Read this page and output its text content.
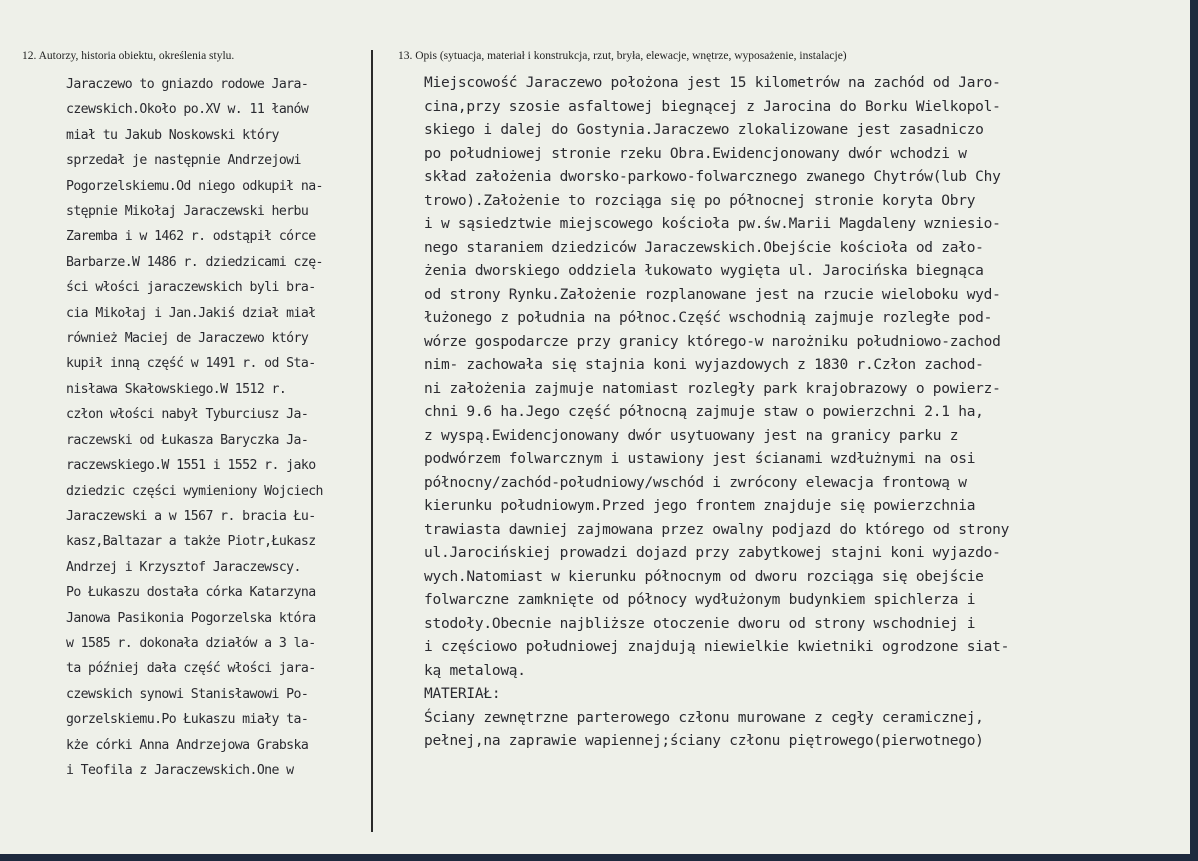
12. Autorzy, historia obiektu, określenia stylu.	13. Opis (sytuacja, materiał i konstrukcja, rzut, bryła, elewacje, wnętrze, wyposażenie, instalacje)
Jaraczewo to gniazdo rodowe Jara-
czewskich.Około po.XV w. 11 łanów
miał tu Jakub Noskowski który
sprzedał je następnie Andrzejowi
Pogorzelskiemu.Od niego odkupił na-
stępnie Mikołaj Jaraczewski herbu
Zaremba i w 1462 r. odstąpił córce
Barbarze.W 1486 r. dziedzicami czę-
ści włości jaraczewskich byli bra-
cia Mikołaj i Jan.Jakiś dział miał
również Maciej de Jaraczewo który
kupił inną część w 1491 r. od Sta-
nisława Skałowskiego.W 1512 r.
człon włości nabył Tyburciusz Ja-
raczewski od Łukasza Baryczka Ja-
raczewskiego.W 1551 i 1552 r. jako
dziedzic części wymieniony Wojciech
Jaraczewski a w 1567 r. bracia Łu-
kasz,Baltazar a także Piotr,Łukasz
Andrzej i Krzysztof Jaraczewscy.
Po Łukaszu dostała córka Katarzyna
Janowa Pasikonia Pogorzelska która
w 1585 r. dokonała działów a 3 la-
ta później dała część włości jara-
czewskich synowi Stanisławowi Po-
gorzelskiemu.Po Łukaszu miały ta-
kże córki Anna Andrzejowa Grabska
i Teofila z Jaraczewskich.One w
Miejscowość Jaraczewo położona jest 15 kilometrów na zachód od Jaro-
cina,przy szosie asfaltowej biegnącej z Jarocina do Borku Wielkopol-
skiego i dalej do Gostynia.Jaraczewo zlokalizowane jest zasadniczo
po południowej stronie rzeku Obra.Ewidencjonowany dwór wchodzi w
skład założenia dworsko-parkowo-folwarcznego zwanego Chytrów(lub Chy
trowo).Założenie to rozciąga się po północnej stronie koryta Obry
i w sąsiedztwie miejscowego kościoła pw.św.Marii Magdaleny wzniesio-
nego staraniem dziedziców Jaraczewskich.Obejście kościoła od zało-
żenia dworskiego oddziela łukowato wygięta ul. Jarocińska biegnąca
od strony Rynku.Założenie rozplanowane jest na rzucie wieloboku wyd-
łużonego z południa na północ.Część wschodnią zajmuje rozległe pod-
wórze gospodarcze przy granicy którego-w narożniku południowo-zachod
nim- zachowała się stajnia koni wyjazdowych z 1830 r.Człon zachod-
ni założenia zajmuje natomiast rozległy park krajobrazowy o powierz-
chni 9.6 ha.Jego część północną zajmuje staw o powierzchni 2.1 ha,
z wyspą.Ewidencjonowany dwór usytuowany jest na granicy parku z
podwórzem folwarcznym i ustawiony jest ścianami wzdłużnymi na osi
północny/zachód-południowy/wschód i zwrócony elewacja frontową w
kierunku południowym.Przed jego frontem znajduje się powierzchnia
trawiasta dawniej zajmowana przez owalny podjazd do którego od strony
ul.Jarocińskiej prowadzi dojazd przy zabytkowej stajni koni wyjazdo-
wych.Natomiast w kierunku północnym od dworu rozciąga się obejście
folwarczne zamknięte od północy wydłużonym budynkiem spichlerza i
stodoły.Obecnie najbliższe otoczenie dworu od strony wschodniej i
i częściowo południowej znajdują niewielkie kwietniki ogrodzone siat-
ką metalową.
MATERIAŁ:
Ściany zewnętrzne parterowego członu murowane z cegły ceramicznej,
pełnej,na zaprawie wapiennej;ściany członu piętrowego(pierwotnego)
